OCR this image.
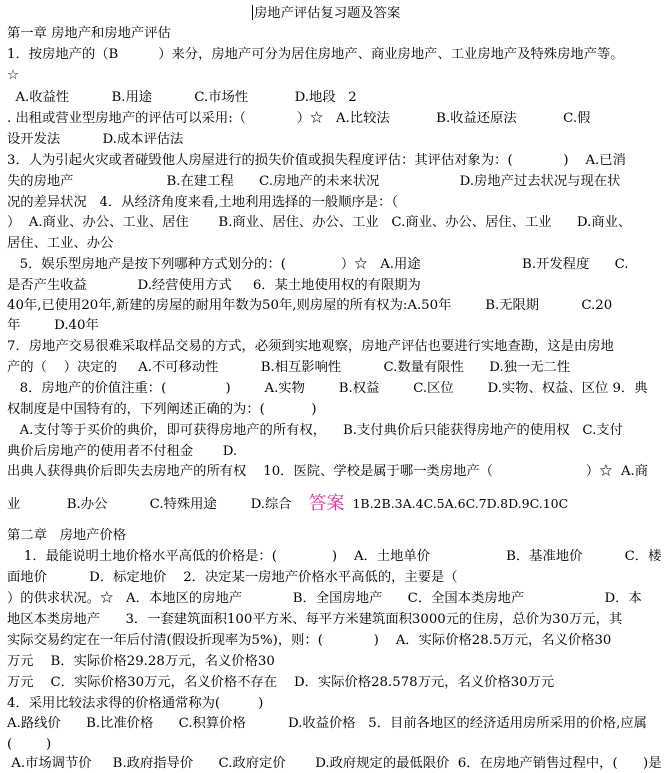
房地产评估复习题及答案
第一章 房地产和房地产评估
1．按房地产的（B　　　）来分，房地产可分为居住房地产、商业房地产、工业房地产及特殊房地产等。
☆
A.收益性          B.用途          C.市场性           D.地段   2
. 出租或营业型房地产的评估可以采用:（            ）☆   A.比较法           B.收益还原法           C.假
设开发法          D.成本评估法
3．人为引起火灾或者碰毁他人房屋进行的损失价值或损失程度评估：其评估对象为：(            )    A.已消
失的房地产                      B.在建工程      C.房地产的未来状况                   D.房地产过去状况与现在状
况的差异状况   4．从经济角度来看,土地利用选择的一般顺序是：（
）  A.商业、办公、工业、居住       B.商业、居住、办公、工业   C.商业、办公、居住、工业      D.商业、
居住、工业、办公
5．娱乐型房地产是按下列哪种方式划分的：(             ）☆   A.用途                        B.开发程度      C.
是否产生收益            D.经营使用方式     6．某土地使用权的有限期为
40年,已使用20年,新建的房屋的耐用年数为50年,则房屋的所有权为:A.50年        B.无限期          C.20
年        D.40年
7．房地产交易很难采取样品交易的方式，必须到实地观察，房地产评估也要进行实地查勘，这是由房地
产的（    ）决定的     A.不可移动性          B.相互影响性          C.数量有限性      D.独一无二性
8．房地产的价值注重：(              )        A.实物        B.权益        C.区位        D.实物、权益、区位 9．典
权制度是中国特有的，下列阐述正确的为：(           )
A.支付等于买价的典价，即可获得房地产的所有权，    B.支付典价后只能获得房地产的使用权   C.支付
典价后房地产的使用者不付租金       D.
出典人获得典价后即失去房地产的所有权    10．医院、学校是属于哪一类房地产（                      ）☆  A.商
业           B.办公          C.特殊用途        D.综合    答案  1B.2B.3A.4C.5A.6C.7D.8D.9C.10C
第二章   房地产价格
1．最能说明土地价格水平高低的价格是：(             )    A．土地单价                  B．基准地价          C．楼
面地价          D．标定地价    2．决定某一房地产价格水平高低的，主要是（
）的供求状况。☆   A．本地区的房地产            B．全国房地产      C．全国本类房地产                   D．本
地区本类房地产      3．一套建筑面积100平方米、每平方米建筑面积3000元的住房，总价为30万元，其
实际交易约定在一年后付清(假设折现率为5%)，则：(            )    A．实际价格28.5万元，名义价格30
万元    B．实际价格29.28万元，名义价格30
万元    C．实际价格30万元，名义价格不存在    D．实际价格28.578万元，名义价格30万元
4．采用比较法求得的价格通常称为(         )
A.路线价      B.比准价格      C.积算价格          D.收益价格   5．目前各地区的经济适用房所采用的价格,应属
(        )
A.市场调节价     B.政府指导价      C.政府定价       D.政府规定的最低限价  6．在房地产销售过程中，(      )是
